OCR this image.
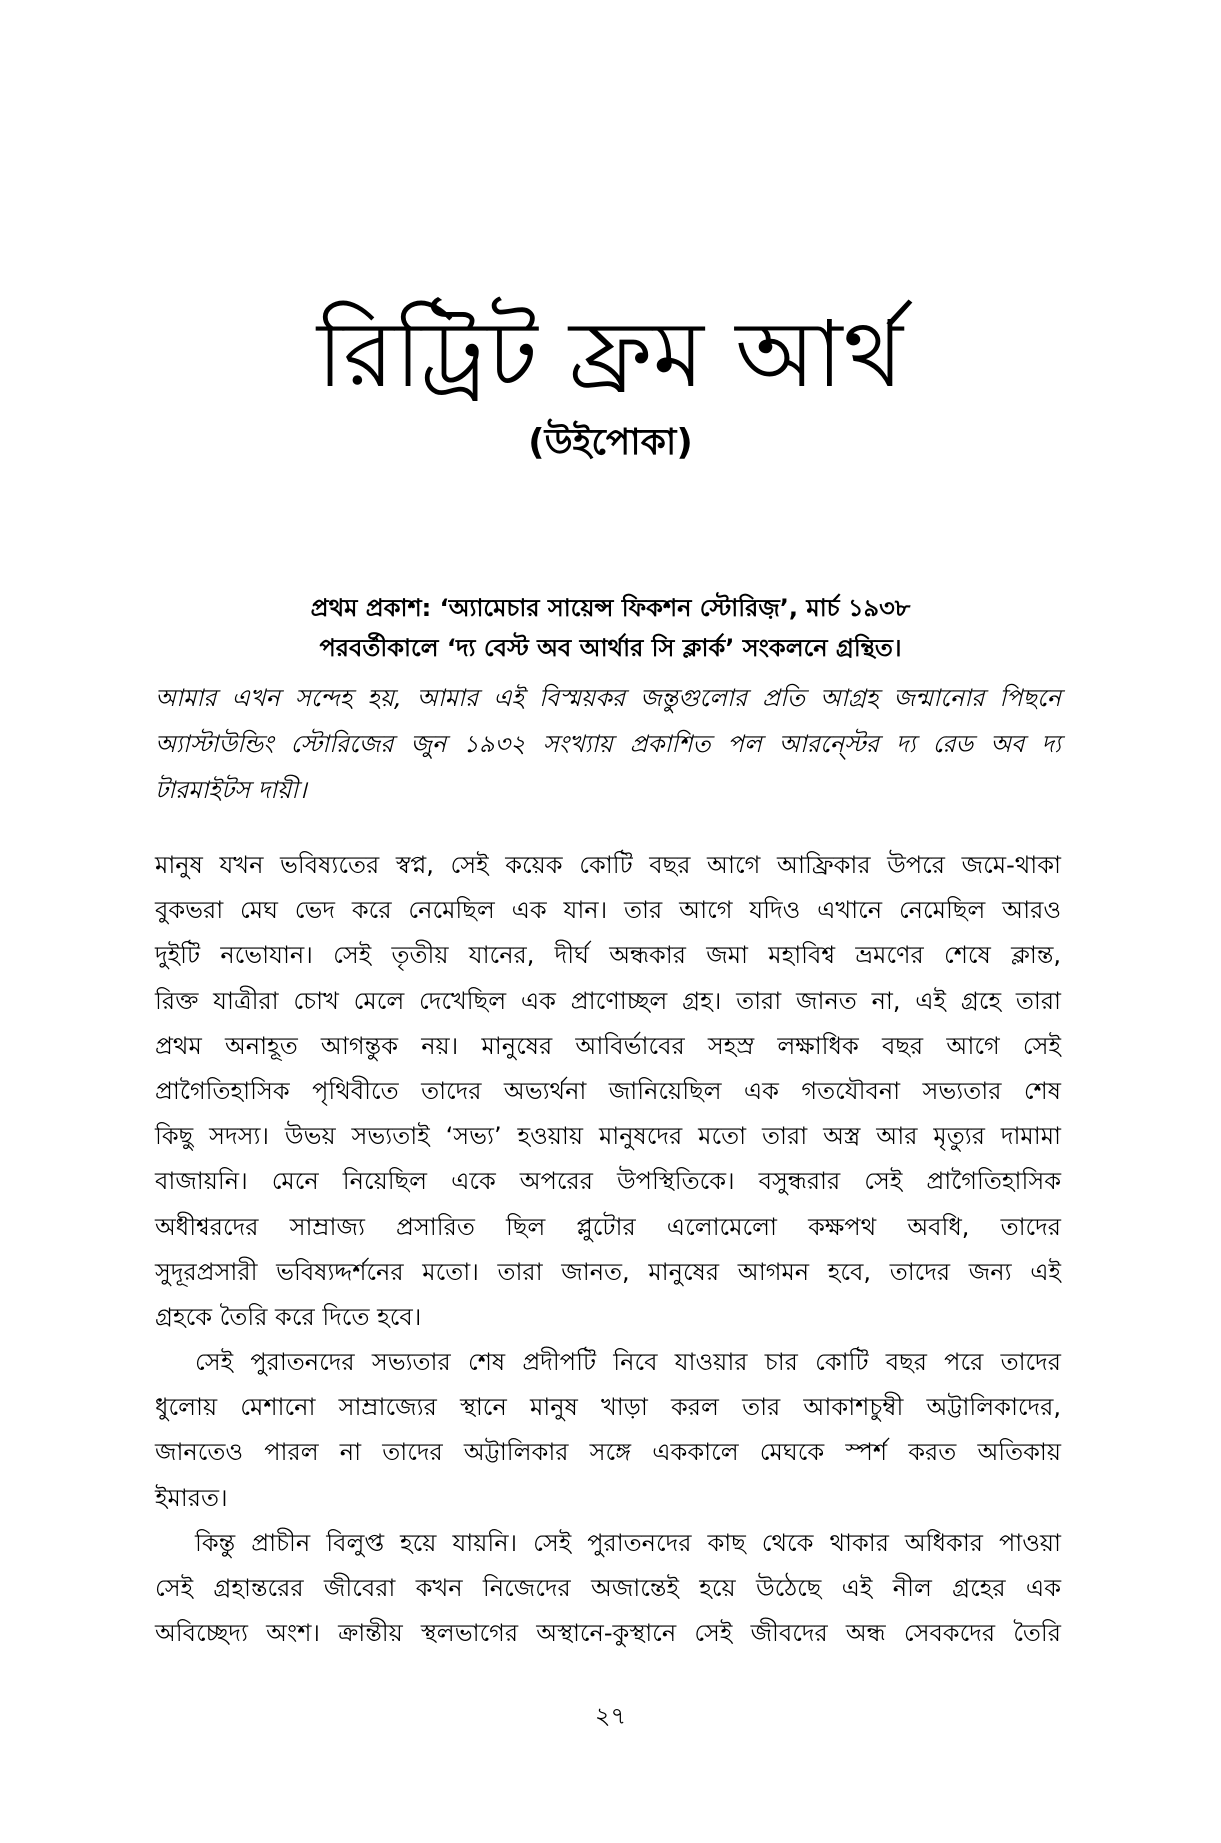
রিট্রিট ফ্রম আর্থ
(উইপোকা)
প্রথম প্রকাশ: ‘অ্যামেচার সায়েন্স ফিকশন স্টোরিজ়’, মার্চ ১৯৩৮
পরবর্তীকালে ‘দ্য বেস্ট অব আর্থার সি ক্লার্ক’ সংকলনে গ্রন্থিত।
আমার এখন সন্দেহ হয়, আমার এই বিস্ময়কর জন্তুগুলোর প্রতি আগ্রহ জন্মানোর পিছনে
অ্যাস্টাউন্ডিং স্টোরিজের জুন ১৯৩২ সংখ্যায় প্রকাশিত পল আরন্স্টের দ্য রেড অব দ্য
টারমাইটস দায়ী।
মানুষ যখন ভবিষ্যতের স্বপ্ন, সেই কয়েক কোটি বছর আগে আফ্রিকার উপরে জমে-থাকা
বুকভরা মেঘ ভেদ করে নেমেছিল এক যান। তার আগে যদিও এখানে নেমেছিল আরও
দুইটি নভোযান। সেই তৃতীয় যানের, দীর্ঘ অন্ধকার জমা মহাবিশ্ব ভ্রমণের শেষে ক্লান্ত,
রিক্ত যাত্রীরা চোখ মেলে দেখেছিল এক প্রাণোচ্ছল গ্রহ। তারা জানত না, এই গ্রহে তারা
প্রথম অনাহূত আগন্তুক নয়। মানুষের আবির্ভাবের সহস্র লক্ষাধিক বছর আগে সেই
প্রাগৈতিহাসিক পৃথিবীতে তাদের অভ্যর্থনা জানিয়েছিল এক গতযৌবনা সভ্যতার শেষ
কিছু সদস্য। উভয় সভ্যতাই ‘সভ্য’ হওয়ায় মানুষদের মতো তারা অস্ত্র আর মৃত্যুর দামামা
বাজায়নি। মেনে নিয়েছিল একে অপরের উপস্থিতিকে। বসুন্ধরার সেই প্রাগৈতিহাসিক
অধীশ্বরদের সাম্রাজ্য প্রসারিত ছিল প্লুটোর এলোমেলো কক্ষপথ অবধি, তাদের
সুদূরপ্রসারী ভবিষ্যদ্দর্শনের মতো। তারা জানত, মানুষের আগমন হবে, তাদের জন্য এই
গ্রহকে তৈরি করে দিতে হবে।
সেই পুরাতনদের সভ্যতার শেষ প্রদীপটি নিবে যাওয়ার চার কোটি বছর পরে তাদের
ধুলোয় মেশানো সাম্রাজ্যের স্থানে মানুষ খাড়া করল তার আকাশচুম্বী অট্টালিকাদের,
জানতেও পারল না তাদের অট্টালিকার সঙ্গে এককালে মেঘকে স্পর্শ করত অতিকায়
ইমারত।
কিন্তু প্রাচীন বিলুপ্ত হয়ে যায়নি। সেই পুরাতনদের কাছ থেকে থাকার অধিকার পাওয়া
সেই গ্রহান্তরের জীবেরা কখন নিজেদের অজান্তেই হয়ে উঠেছে এই নীল গ্রহের এক
অবিচ্ছেদ্য অংশ। ক্রান্তীয় স্থলভাগের অস্থানে-কুস্থানে সেই জীবদের অন্ধ সেবকদের তৈরি
২৭
